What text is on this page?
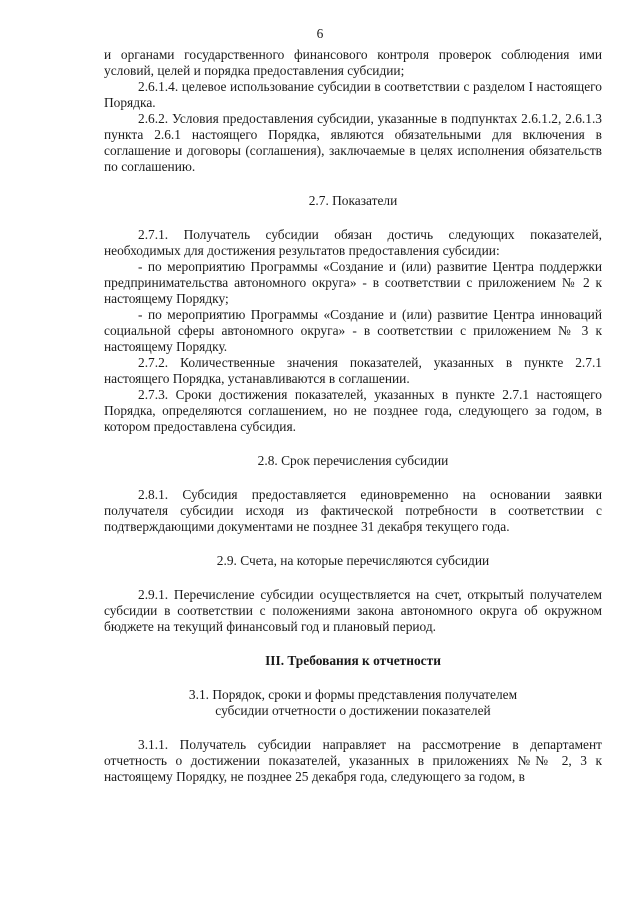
6

и органами государственного финансового контроля проверок соблюдения ими условий, целей и порядка предоставления субсидии;

2.6.1.4. целевое использование субсидии в соответствии с разделом I настоящего Порядка.

2.6.2. Условия предоставления субсидии, указанные в подпунктах 2.6.1.2, 2.6.1.3 пункта 2.6.1 настоящего Порядка, являются обязательными для включения в соглашение и договоры (соглашения), заключаемые в целях исполнения обязательств по соглашению.

2.7. Показатели

2.7.1. Получатель субсидии обязан достичь следующих показателей, необходимых для достижения результатов предоставления субсидии:

- по мероприятию Программы «Создание и (или) развитие Центра поддержки предпринимательства автономного округа» - в соответствии с приложением № 2 к настоящему Порядку;

- по мероприятию Программы «Создание и (или) развитие Центра инноваций социальной сферы автономного округа» - в соответствии с приложением № 3 к настоящему Порядку.

2.7.2. Количественные значения показателей, указанных в пункте 2.7.1 настоящего Порядка, устанавливаются в соглашении.

2.7.3. Сроки достижения показателей, указанных в пункте 2.7.1 настоящего Порядка, определяются соглашением, но не позднее года, следующего за годом, в котором предоставлена субсидия.

2.8. Срок перечисления субсидии

2.8.1. Субсидия предоставляется единовременно на основании заявки получателя субсидии исходя из фактической потребности в соответствии с подтверждающими документами не позднее 31 декабря текущего года.

2.9. Счета, на которые перечисляются субсидии

2.9.1. Перечисление субсидии осуществляется на счет, открытый получателем субсидии в соответствии с положениями закона автономного округа об окружном бюджете на текущий финансовый год и плановый период.

III. Требования к отчетности

3.1. Порядок, сроки и формы представления получателем
субсидии отчетности о достижении показателей

3.1.1. Получатель субсидии направляет на рассмотрение в департамент отчетность о достижении показателей, указанных в приложениях №№ 2, 3 к настоящему Порядку, не позднее 25 декабря года, следующего за годом, в
